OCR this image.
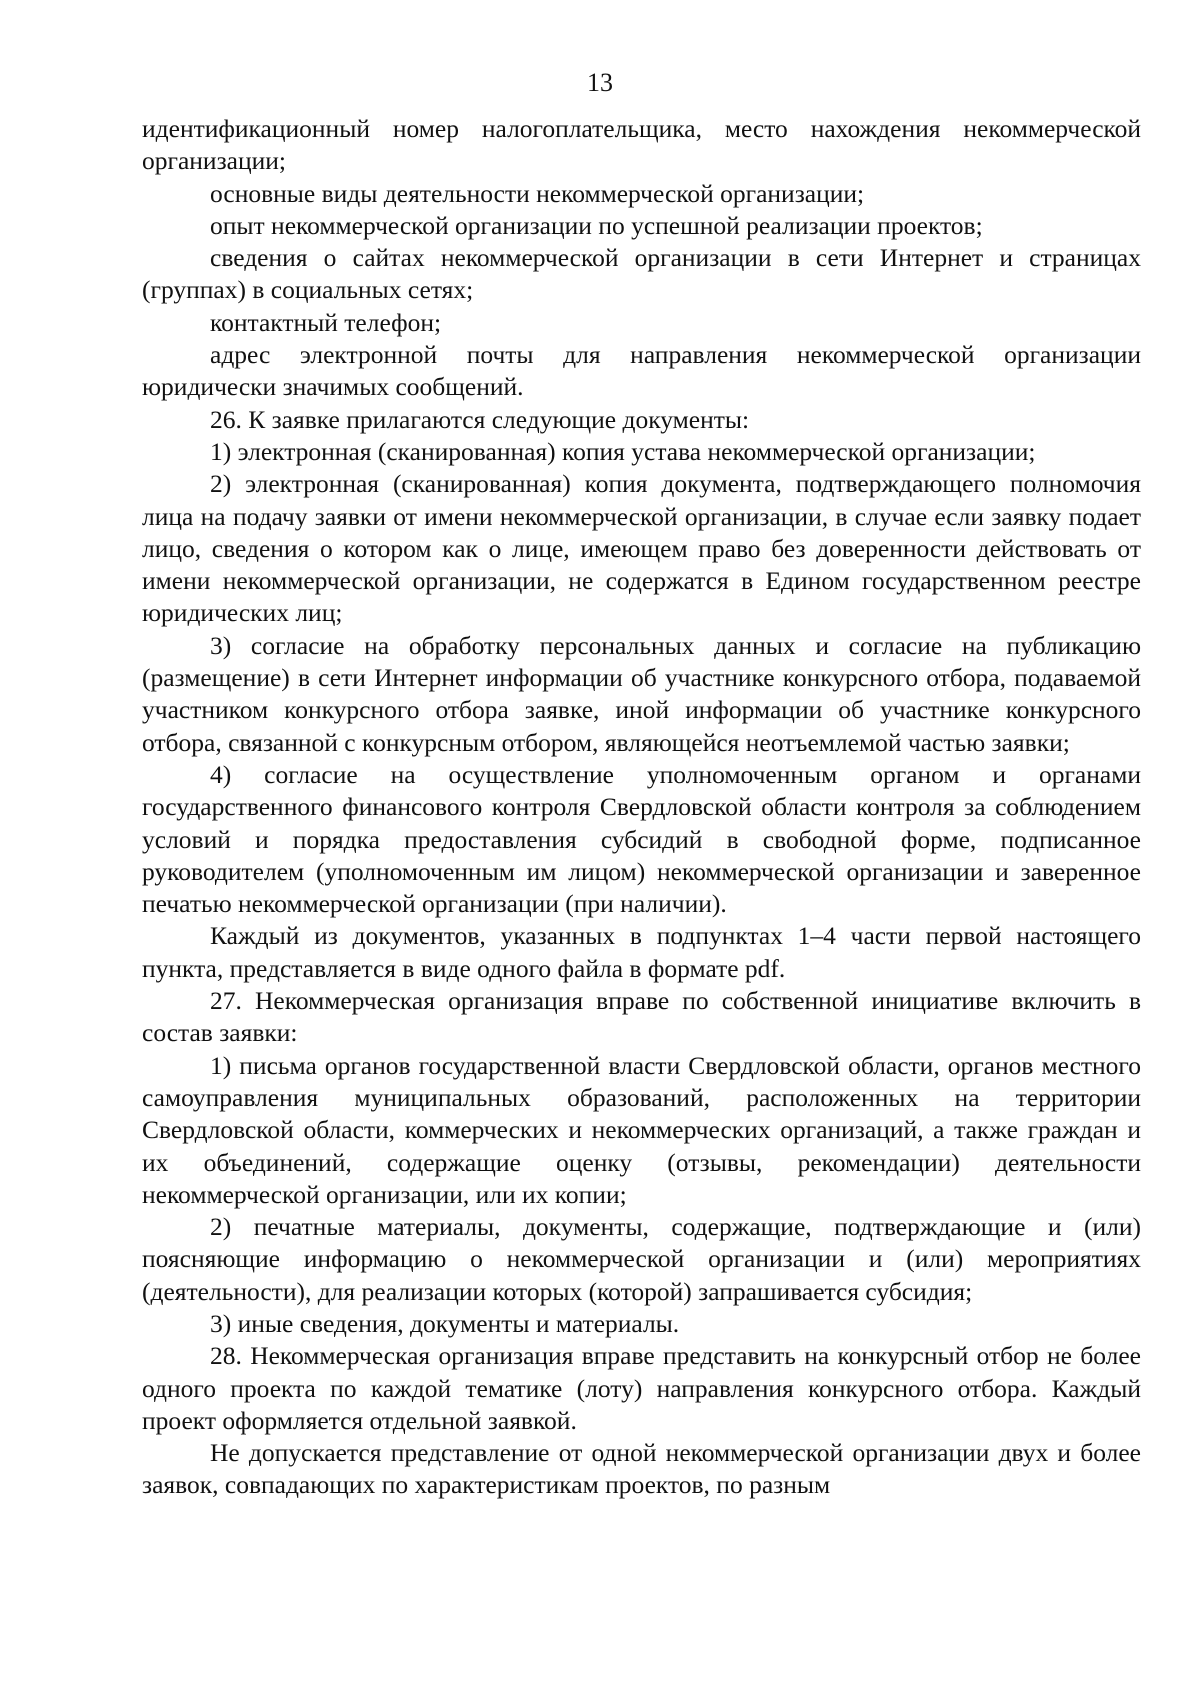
13

идентификационный номер налогоплательщика, место нахождения некоммерческой организации;

основные виды деятельности некоммерческой организации;

опыт некоммерческой организации по успешной реализации проектов;

сведения о сайтах некоммерческой организации в сети Интернет и страницах (группах) в социальных сетях;

контактный телефон;

адрес электронной почты для направления некоммерческой организации юридически значимых сообщений.

26. К заявке прилагаются следующие документы:

1) электронная (сканированная) копия устава некоммерческой организации;

2) электронная (сканированная) копия документа, подтверждающего полномочия лица на подачу заявки от имени некоммерческой организации, в случае если заявку подает лицо, сведения о котором как о лице, имеющем право без доверенности действовать от имени некоммерческой организации, не содержатся в Едином государственном реестре юридических лиц;

3) согласие на обработку персональных данных и согласие на публикацию (размещение) в сети Интернет информации об участнике конкурсного отбора, подаваемой участником конкурсного отбора заявке, иной информации об участнике конкурсного отбора, связанной с конкурсным отбором, являющейся неотъемлемой частью заявки;

4) согласие на осуществление уполномоченным органом и органами государственного финансового контроля Свердловской области контроля за соблюдением условий и порядка предоставления субсидий в свободной форме, подписанное руководителем (уполномоченным им лицом) некоммерческой организации и заверенное печатью некоммерческой организации (при наличии).

Каждый из документов, указанных в подпунктах 1–4 части первой настоящего пункта, представляется в виде одного файла в формате pdf.

27. Некоммерческая организация вправе по собственной инициативе включить в состав заявки:

1) письма органов государственной власти Свердловской области, органов местного самоуправления муниципальных образований, расположенных на территории Свердловской области, коммерческих и некоммерческих организаций, а также граждан и их объединений, содержащие оценку (отзывы, рекомендации) деятельности некоммерческой организации, или их копии;

2) печатные материалы, документы, содержащие, подтверждающие и (или) поясняющие информацию о некоммерческой организации и (или) мероприятиях (деятельности), для реализации которых (которой) запрашивается субсидия;

3) иные сведения, документы и материалы.

28. Некоммерческая организация вправе представить на конкурсный отбор не более одного проекта по каждой тематике (лоту) направления конкурсного отбора. Каждый проект оформляется отдельной заявкой.

Не допускается представление от одной некоммерческой организации двух и более заявок, совпадающих по характеристикам проектов, по разным
